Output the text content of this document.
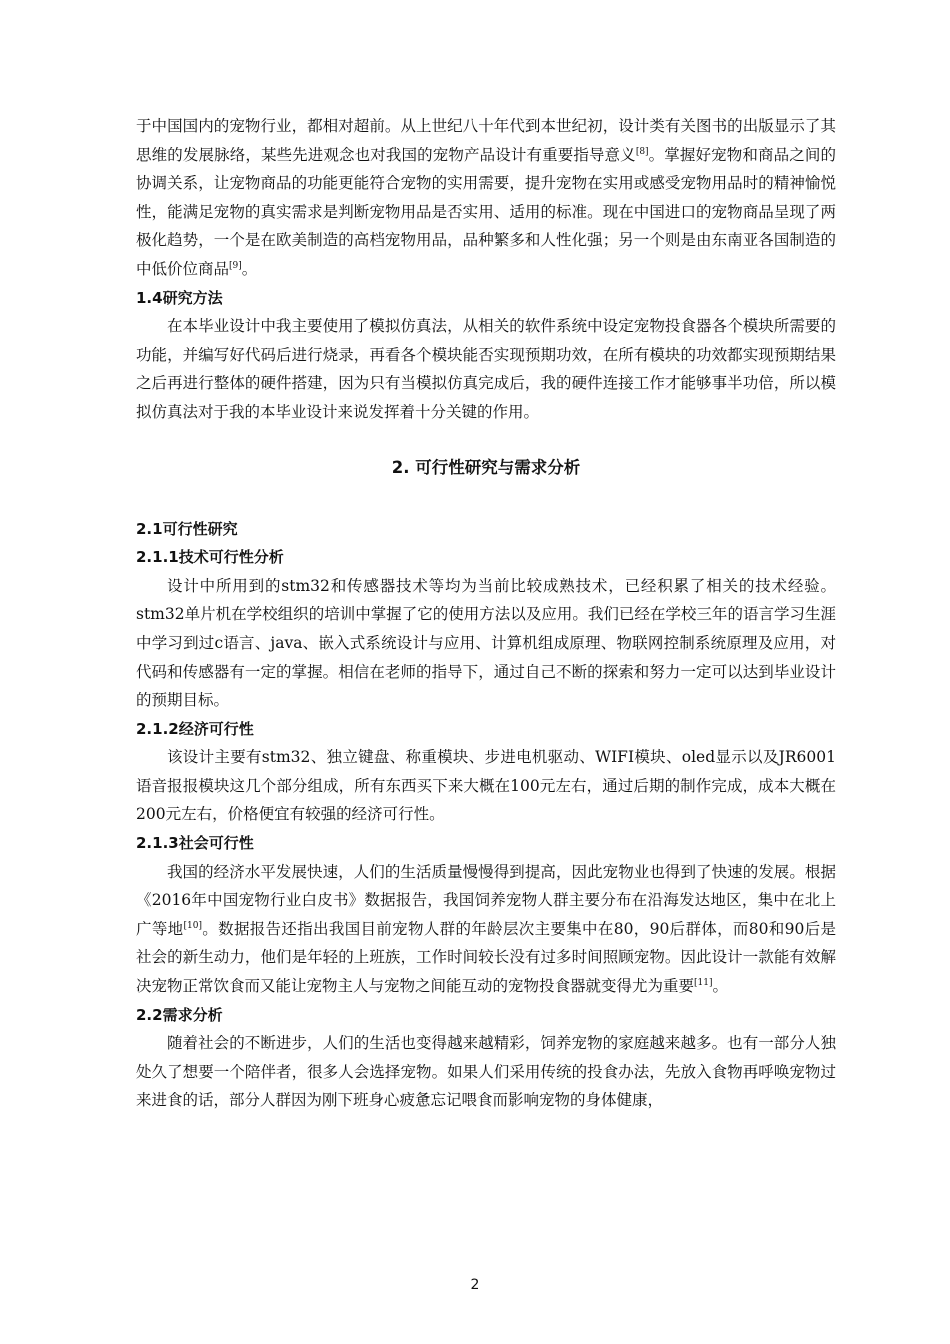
于中国国内的宠物行业，都相对超前。从上世纪八十年代到本世纪初，设计类有关图书的出版显示了其思维的发展脉络，某些先进观念也对我国的宠物产品设计有重要指导意义[8]。掌握好宠物和商品之间的协调关系，让宠物商品的功能更能符合宠物的实用需要，提升宠物在实用或感受宠物用品时的精神愉悦性，能满足宠物的真实需求是判断宠物用品是否实用、适用的标准。现在中国进口的宠物商品呈现了两极化趋势，一个是在欧美制造的高档宠物用品，品种繁多和人性化强；另一个则是由东南亚各国制造的中低价位商品[9]。

1.4研究方法

在本毕业设计中我主要使用了模拟仿真法，从相关的软件系统中设定宠物投食器各个模块所需要的功能，并编写好代码后进行烧录，再看各个模块能否实现预期功效，在所有模块的功效都实现预期结果之后再进行整体的硬件搭建，因为只有当模拟仿真完成后，我的硬件连接工作才能够事半功倍，所以模拟仿真法对于我的本毕业设计来说发挥着十分关键的作用。

2. 可行性研究与需求分析
2.1可行性研究
2.1.1技术可行性分析

设计中所用到的stm32和传感器技术等均为当前比较成熟技术，已经积累了相关的技术经验。stm32单片机在学校组织的培训中掌握了它的使用方法以及应用。我们已经在学校三年的语言学习生涯中学习到过c语言、java、嵌入式系统设计与应用、计算机组成原理、物联网控制系统原理及应用，对代码和传感器有一定的掌握。相信在老师的指导下，通过自己不断的探索和努力一定可以达到毕业设计的预期目标。

2.1.2经济可行性

该设计主要有stm32、独立键盘、称重模块、步进电机驱动、WIFI模块、oled显示以及JR6001语音报报模块这几个部分组成，所有东西买下来大概在100元左右，通过后期的制作完成，成本大概在200元左右，价格便宜有较强的经济可行性。

2.1.3社会可行性

我国的经济水平发展快速，人们的生活质量慢慢得到提高，因此宠物业也得到了快速的发展。根据《2016年中国宠物行业白皮书》数据报告，我国饲养宠物人群主要分布在沿海发达地区，集中在北上广等地[10]。数据报告还指出我国目前宠物人群的年龄层次主要集中在80，90后群体，而80和90后是社会的新生动力，他们是年轻的上班族，工作时间较长没有过多时间照顾宠物。因此设计一款能有效解决宠物正常饮食而又能让宠物主人与宠物之间能互动的宠物投食器就变得尤为重要[11]。

2.2需求分析

随着社会的不断进步，人们的生活也变得越来越精彩，饲养宠物的家庭越来越多。也有一部分人独处久了想要一个陪伴者，很多人会选择宠物。如果人们采用传统的投食办法，先放入食物再呼唤宠物过来进食的话，部分人群因为刚下班身心疲惫忘记喂食而影响宠物的身体健康，

2
